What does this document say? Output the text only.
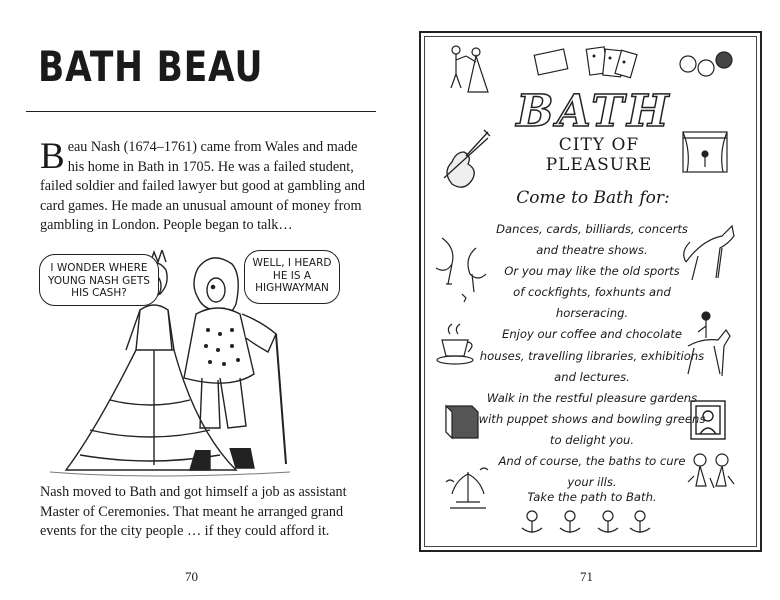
BATH BEAU

Beau Nash (1674–1761) came from Wales and made his home in Bath in 1705. He was a failed student, failed soldier and failed lawyer but good at gambling and card games. He made an unusual amount of money from gambling in London. People began to talk…

I WONDER WHERE YOUNG NASH GETS HIS CASH?
WELL, I HEARD HE IS A HIGHWAYMAN

Nash moved to Bath and got himself a job as assistant Master of Ceremonies. That meant he arranged grand events for the city people … if they could afford it.

70
BATH
CITY OF PLEASURE
Come to Bath for:
Dances, cards, billiards, concerts
and theatre shows.
Or you may like the old sports
of cockfights, foxhunts and
horseracing.
Enjoy our coffee and chocolate
houses, travelling libraries, exhibitions
and lectures.
Walk in the restful pleasure gardens
with puppet shows and bowling greens
to delight you.
And of course, the baths to cure
your ills.
Take the path to Bath.
71
